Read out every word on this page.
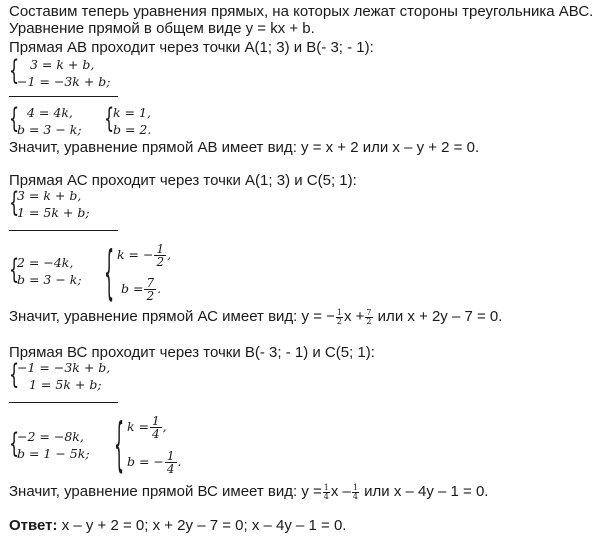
Составим теперь уравнения прямых, на которых лежат стороны треугольника АВС.
Уравнение прямой в общем виде y = kx + b.
Прямая АВ проходит через точки А(1; 3) и В(- 3; - 1):
{ 3 = k + b,
−1 = −3k + b;
{ 4 = 4k,
b = 3 − k; {
k = 1,
b = 2.
Значит, уравнение прямой АВ имеет вид: y = x + 2 или x – y + 2 = 0.
Прямая АС проходит через точки А(1; 3) и С(5; 1):
{
3 = k + b,
1 = 5k + b;
{
2 = −4k,
b = 3 − k; { k = − $\frac{1}{2}$ ,
$b = \frac{7}{2}$ .
Значит, уравнение прямой АС имеет вид: y = − $\frac{1}{2}$ $x + \frac{7}{2}$ или x + 2y – 7 = 0.
Прямая ВС проходит через точки В(- 3; - 1) и С(5; 1):
{
−1 = −3k + b,
1 = 5k + b;
{
−2 = −8k,
b = 1 − 5k; { $k = \frac{1}{4}$ ,
b = − $\frac{1}{4}$ .
Значит, уравнение прямой ВС имеет вид: $y = \frac{1}{4}$ x – $\frac{1}{4}$ или x – 4y – 1 = 0.
Ответ: x – y + 2 = 0; x + 2y – 7 = 0; x – 4y – 1 = 0.
